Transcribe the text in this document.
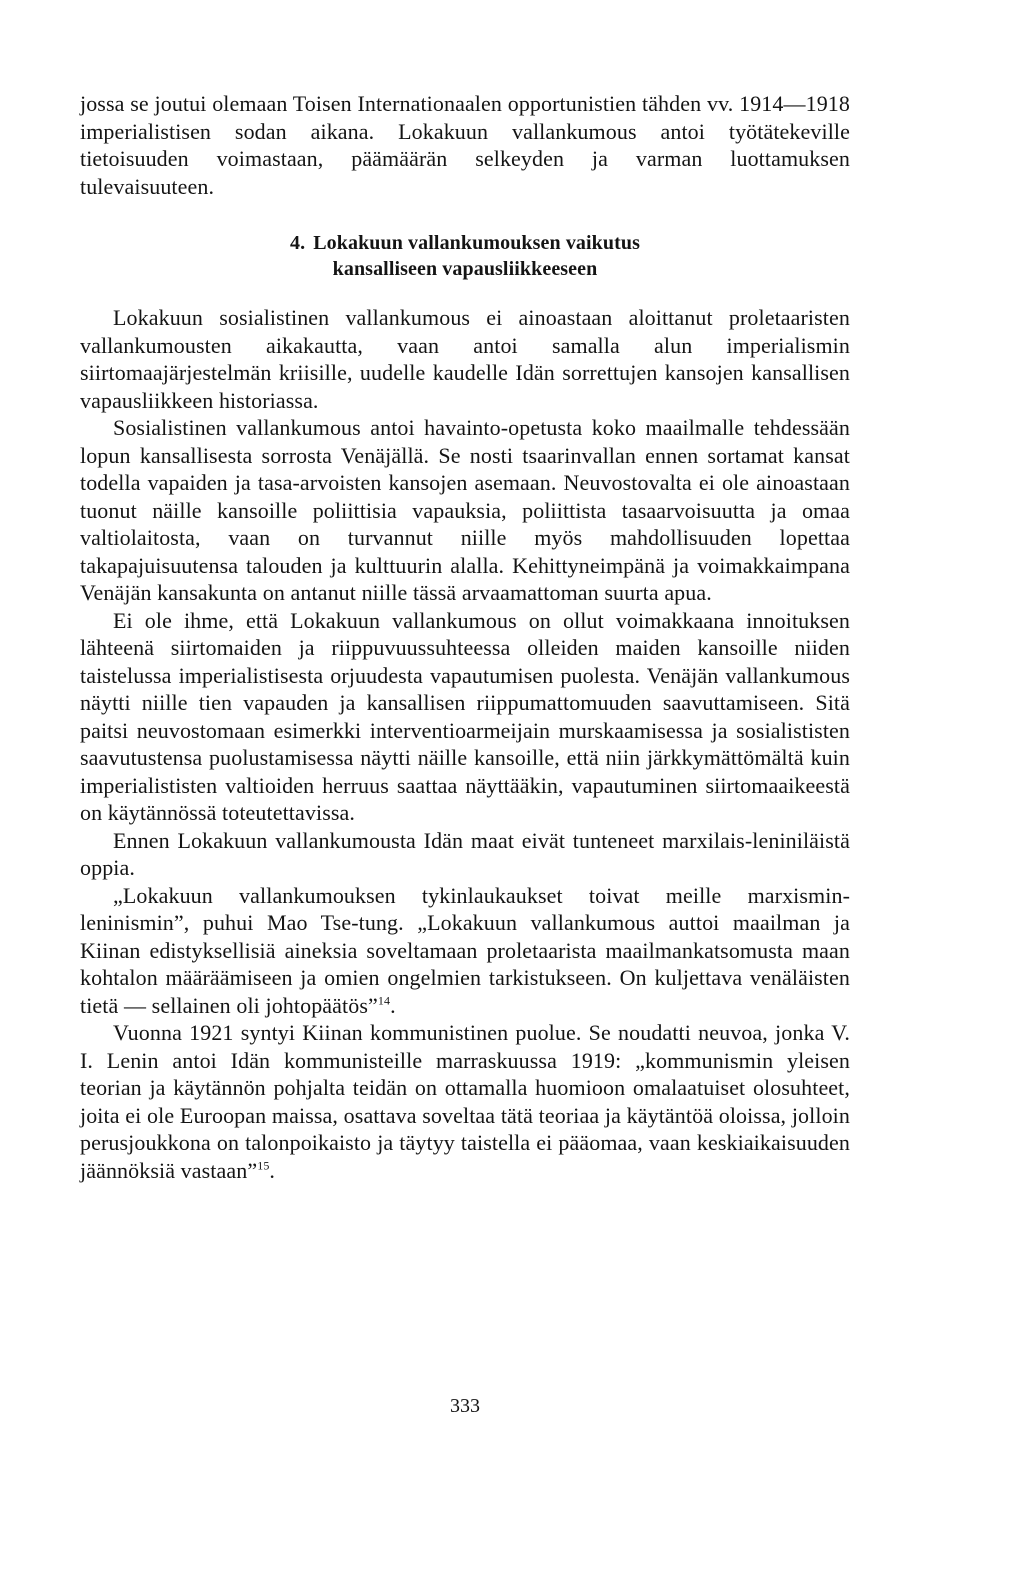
jossa se joutui olemaan Toisen Internationaalen opportunistien tähden vv. 1914—1918 imperialistisen sodan aikana. Lokakuun vallankumous antoi työtätekeville tietoisuuden voimastaan, päämäärän selkeyden ja varman luottamuksen tulevaisuuteen.

4. Lokakuun vallankumouksen vaikutus
kansalliseen vapausliikkeeseen

Lokakuun sosialistinen vallankumous ei ainoastaan aloittanut proletaaristen vallankumousten aikakautta, vaan antoi samalla alun imperialismin siirtomaajärjestelmän kriisille, uudelle kaudelle Idän sorrettujen kansojen kansallisen vapausliikkeen historiassa.

Sosialistinen vallankumous antoi havainto-opetusta koko maailmalle tehdessään lopun kansallisesta sorrosta Venäjällä. Se nosti tsaarinvallan ennen sortamat kansat todella vapaiden ja tasa-arvoisten kansojen asemaan. Neuvostovalta ei ole ainoastaan tuonut näille kansoille poliittisia vapauksia, poliittista tasaarvoisuutta ja omaa valtiolaitosta, vaan on turvannut niille myös mahdollisuuden lopettaa takapajuisuutensa talouden ja kulttuurin alalla. Kehittyneimpänä ja voimakkaimpana Venäjän kansakunta on antanut niille tässä arvaamattoman suurta apua.

Ei ole ihme, että Lokakuun vallankumous on ollut voimakkaana innoituksen lähteenä siirtomaiden ja riippuvuussuhteessa olleiden maiden kansoille niiden taistelussa imperialistisesta orjuudesta vapautumisen puolesta. Venäjän vallankumous näytti niille tien vapauden ja kansallisen riippumattomuuden saavuttamiseen. Sitä paitsi neuvostomaan esimerkki interventioarmeijain murskaamisessa ja sosialististen saavutustensa puolustamisessa näytti näille kansoille, että niin järkkymättömältä kuin imperialististen valtioiden herruus saattaa näyttääkin, vapautuminen siirtomaaikeestä on käytännössä toteutettavissa.

Ennen Lokakuun vallankumousta Idän maat eivät tunteneet marxilais-leniniläistä oppia.

„Lokakuun vallankumouksen tykinlaukaukset toivat meille marxismin-leninismin”, puhui Mao Tse-tung. „Lokakuun vallankumous auttoi maailman ja Kiinan edistyksellisiä aineksia soveltamaan proletaarista maailmankatsomusta maan kohtalon määräämiseen ja omien ongelmien tarkistukseen. On kuljettava venäläisten tietä — sellainen oli johtopäätös”$^{14}$.

Vuonna 1921 syntyi Kiinan kommunistinen puolue. Se noudatti neuvoa, jonka V. I. Lenin antoi Idän kommunisteille marraskuussa 1919: „kommunismin yleisen teorian ja käytännön pohjalta teidän on ottamalla huomioon omalaatuiset olosuhteet, joita ei ole Euroopan maissa, osattava soveltaa tätä teoriaa ja käytäntöä oloissa, jolloin perusjoukkona on talonpoikaisto ja täytyy taistella ei pääomaa, vaan keskiaikaisuuden jäännöksiä vastaan”$^{15}$.

333
